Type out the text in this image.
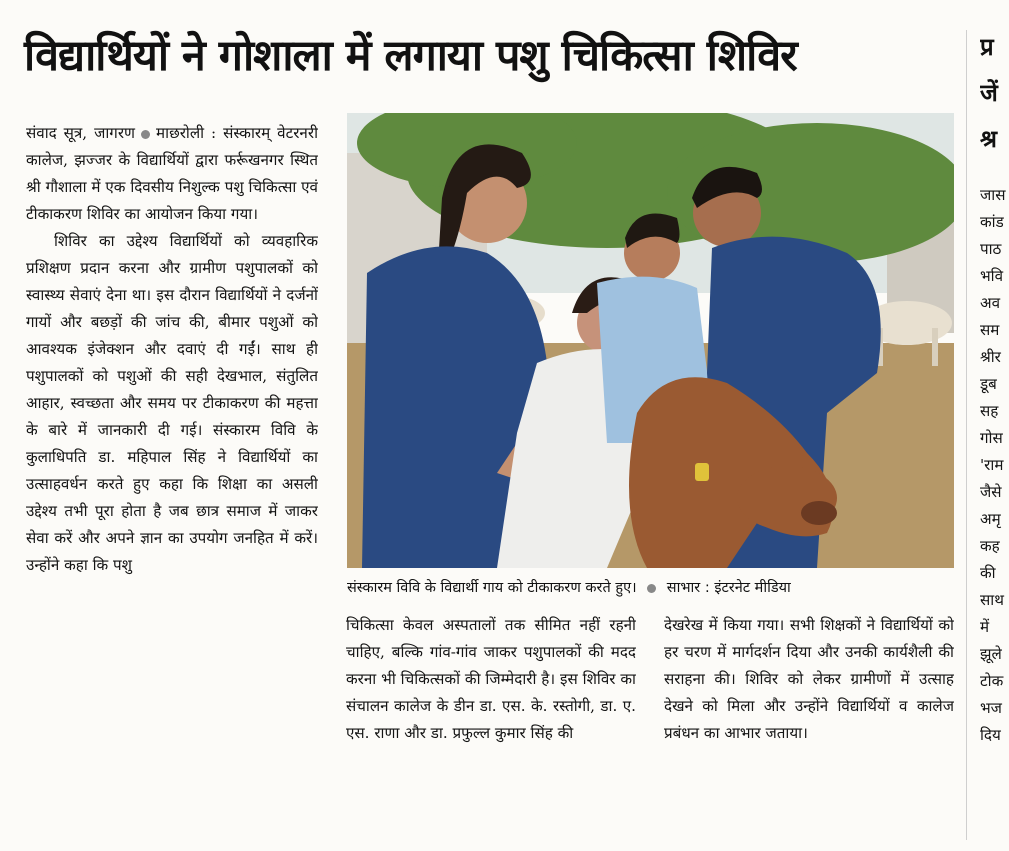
विद्यार्थियों ने गोशाला में लगाया पशु चिकित्सा शिविर	प्र
जें
श्र

संवाद सूत्र, जागरण माछरोली : संस्कारम् वेटरनरी कालेज, झज्जर के विद्यार्थियों द्वारा फर्रूखनगर स्थित श्री गौशाला में एक दिवसीय निशुल्क पशु चिकित्सा एवं टीकाकरण शिविर का आयोजन किया गया।

शिविर का उद्देश्य विद्यार्थियों को व्यवहारिक प्रशिक्षण प्रदान करना और ग्रामीण पशुपालकों को स्वास्थ्य सेवाएं देना था। इस दौरान विद्यार्थियों ने दर्जनों गायों और बछड़ों की जांच की, बीमार पशुओं को आवश्यक इंजेक्शन और दवाएं दी गईं। साथ ही पशुपालकों को पशुओं की सही देखभाल, संतुलित आहार, स्वच्छता और समय पर टीकाकरण की महत्ता के बारे में जानकारी दी गई। संस्कारम विवि के कुलाधिपति डा. महिपाल सिंह ने विद्यार्थियों का उत्साहवर्धन करते हुए कहा कि शिक्षा का असली उद्देश्य तभी पूरा होता है जब छात्र समाज में जाकर सेवा करें और अपने ज्ञान का उपयोग जनहित में करें। उन्होंने कहा कि पशु

संस्कारम विवि के विद्यार्थी गाय को टीकाकरण करते हुए। साभार : इंटरनेट मीडिया

चिकित्सा केवल अस्पतालों तक सीमित नहीं रहनी चाहिए, बल्कि गांव-गांव जाकर पशुपालकों की मदद करना भी चिकित्सकों की जिम्मेदारी है। इस शिविर का संचालन कालेज के डीन डा. एस. के. रस्तोगी, डा. ए. एस. राणा और डा. प्रफुल्ल कुमार सिंह की

देखरेख में किया गया। सभी शिक्षकों ने विद्यार्थियों को हर चरण में मार्गदर्शन दिया और उनकी कार्यशैली की सराहना की। शिविर को लेकर ग्रामीणों में उत्साह देखने को मिला और उन्होंने विद्यार्थियों व कालेज प्रबंधन का आभार जताया।

जास
कांड
पाठ
भवि
अव
सम
श्रीर
डूब
सह
गोस
'राम
जैसे
अमृ
कह
की
साथ
में
झूले
टोक
भज
दिय
